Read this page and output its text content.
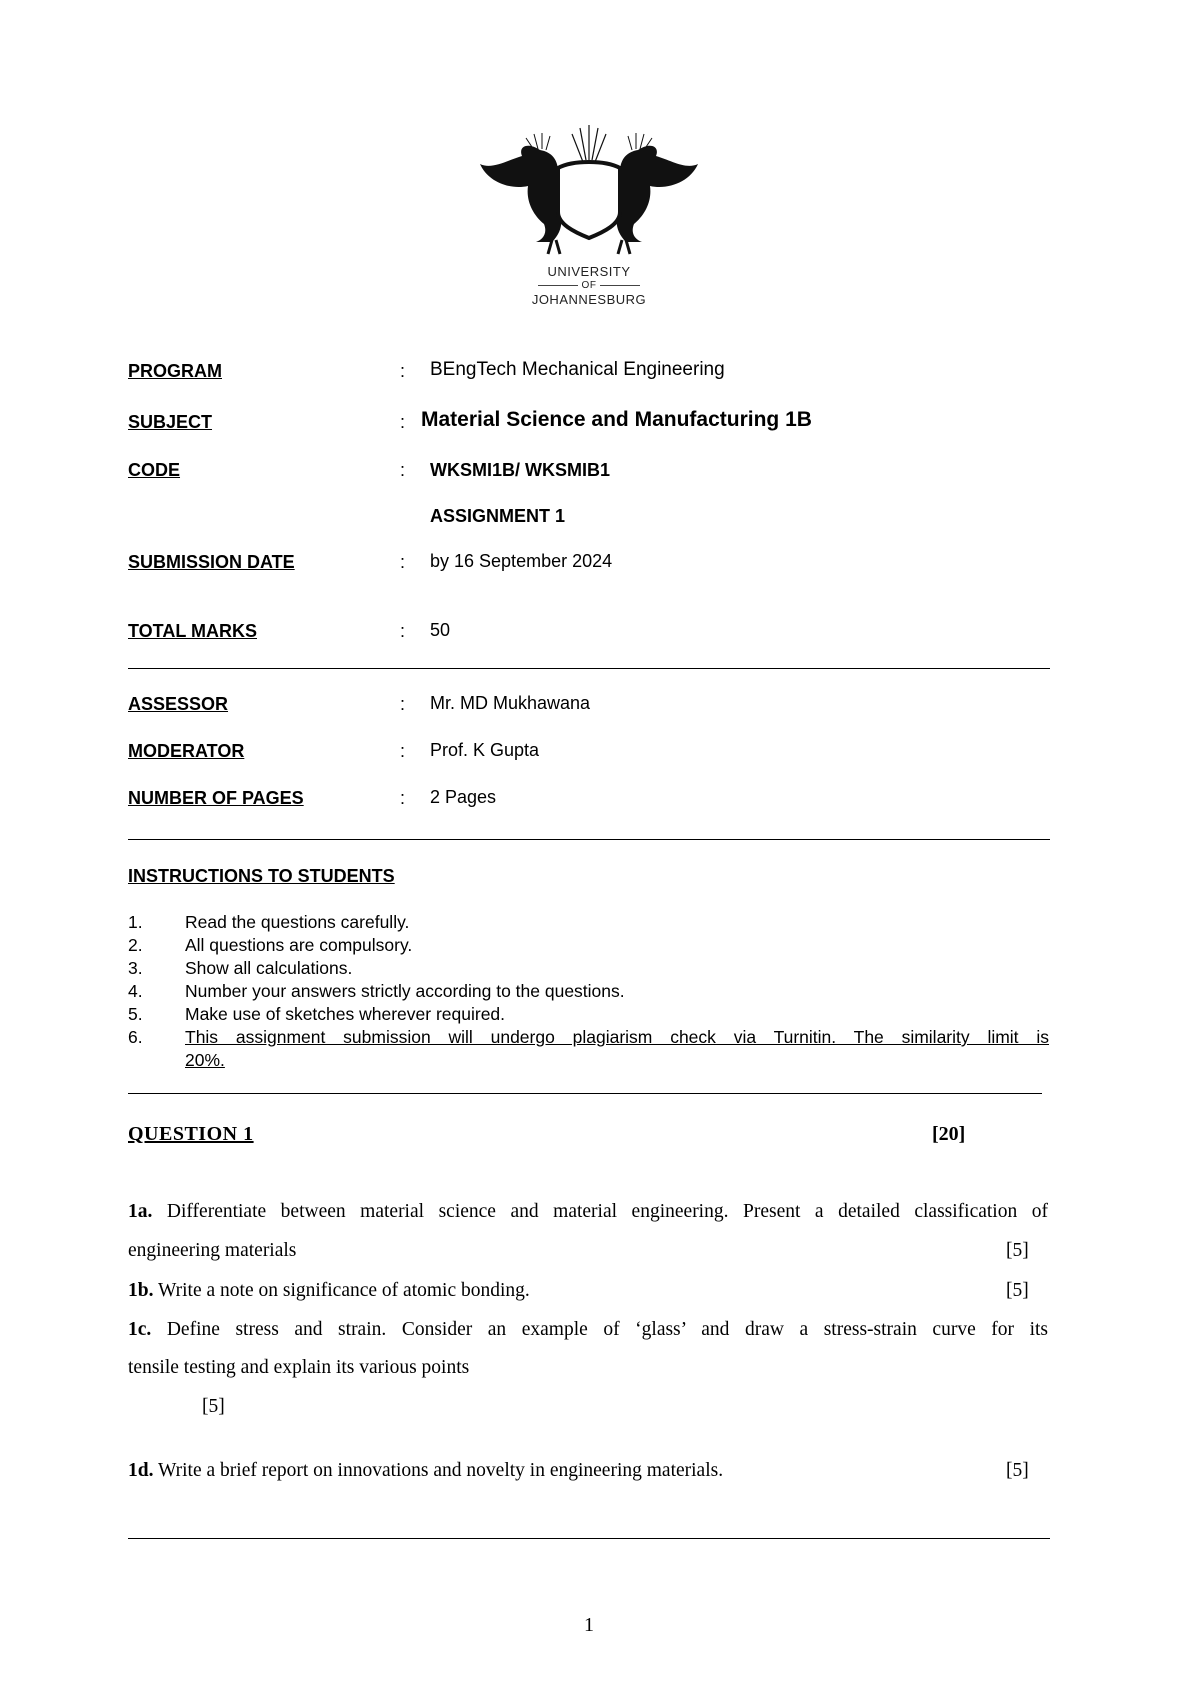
UNIVERSITY
OF
JOHANNESBURG
PROGRAM	: BEngTech Mechanical Engineering
SUBJECT	: Material Science and Manufacturing 1B
CODE	: WKSMI1B/ WKSMIB1
ASSIGNMENT 1
SUBMISSION DATE	: by 16 September 2024
TOTAL MARKS	: 50
ASSESSOR	: Mr. MD Mukhawana
MODERATOR	: Prof. K Gupta
NUMBER OF PAGES	: 2 Pages
INSTRUCTIONS TO STUDENTS
1. Read the questions carefully.
2. All questions are compulsory.
3. Show all calculations.
4. Number your answers strictly according to the questions.
5. Make use of sketches wherever required.
6. This assignment submission will undergo plagiarism check via Turnitin. The similarity limit is
20%.
QUESTION 1	[20]
1a. Differentiate between material science and material engineering. Present a detailed classification of
engineering materials	[5]
1b. Write a note on significance of atomic bonding.	[5]
1c. Define stress and strain. Consider an example of ‘glass’ and draw a stress-strain curve for its
tensile testing and explain its various points
[5]
1d. Write a brief report on innovations and novelty in engineering materials.	[5]
1
